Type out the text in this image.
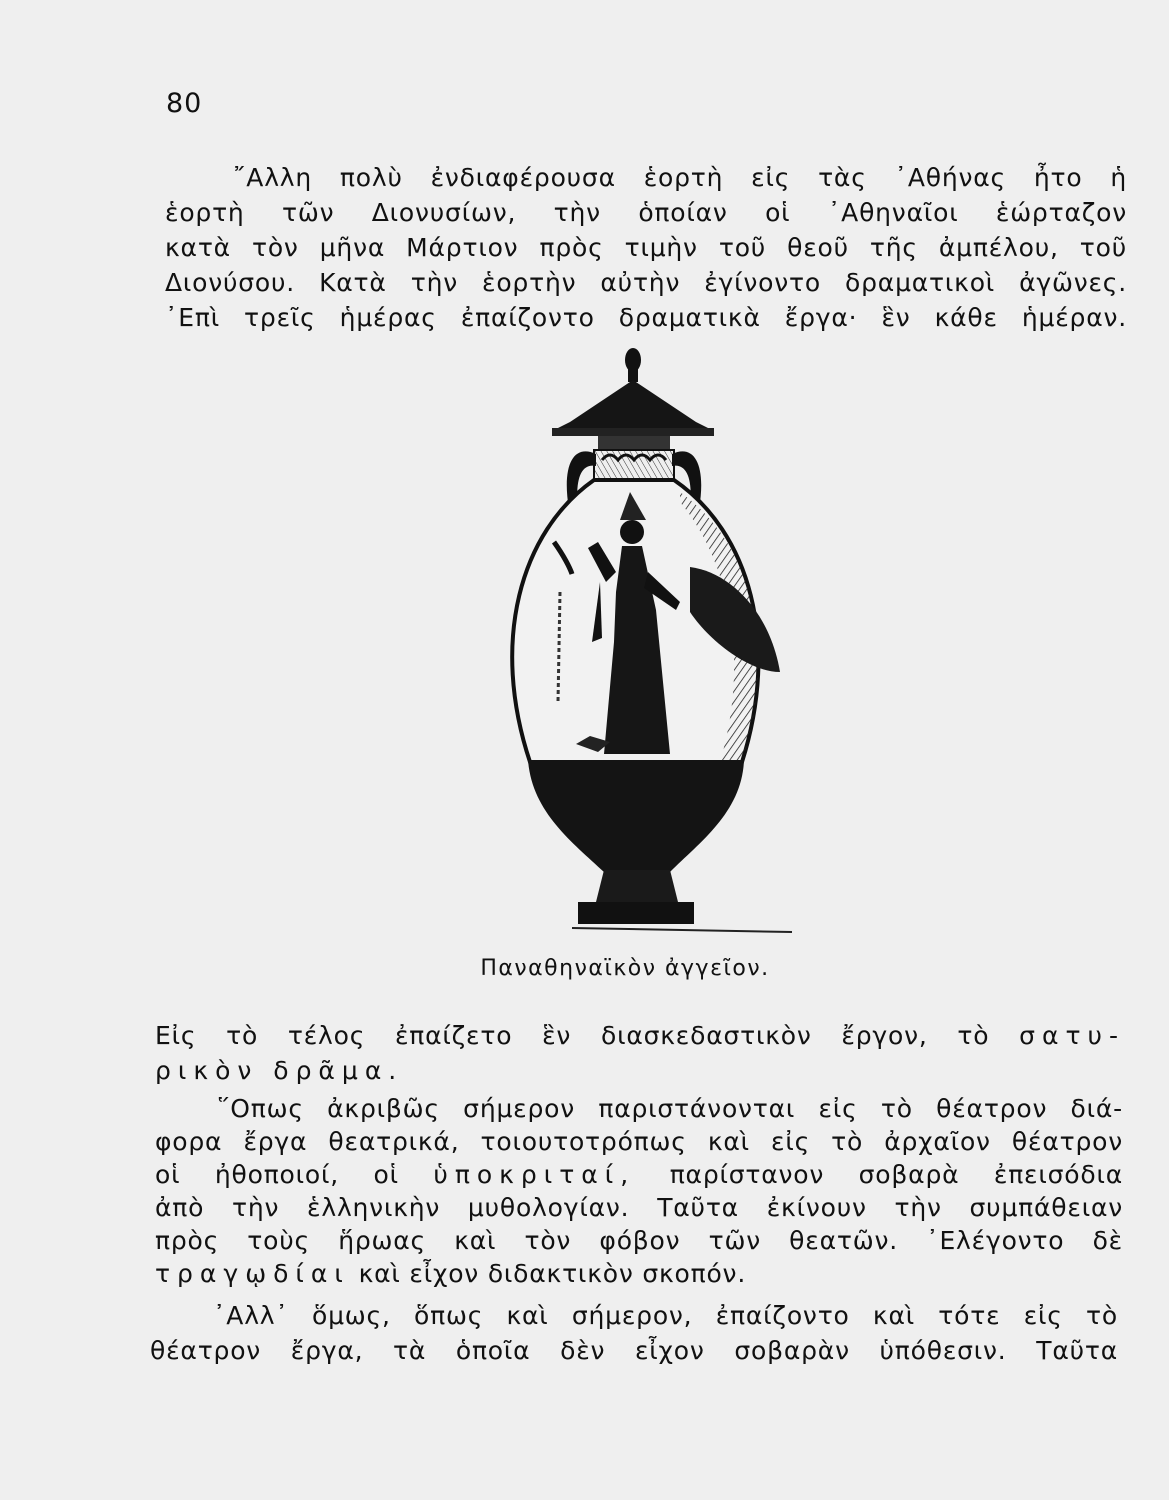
80
῎Αλλη πολὺ ἐνδιαφέρουσα ἑορτὴ εἰς τὰς ᾿Αθήνας ἦτο ἡ
ἑορτὴ τῶν Διονυσίων, τὴν ὁποίαν οἱ ᾿Αθηναῖοι ἑώρταζον
κατὰ τὸν μῆνα Μάρτιον πρὸς τιμὴν τοῦ θεοῦ τῆς ἀμπέλου, τοῦ
Διονύσου. Κατὰ τὴν ἑορτὴν αὐτὴν ἐγίνοντο δραματικοὶ ἀγῶνες.
᾿Επὶ τρεῖς ἡμέρας ἐπαίζοντο δραματικὰ ἔργα· ἓν κάθε ἡμέραν.
Παναθηναϊκὸν ἀγγεῖον.
Εἰς τὸ τέλος ἐπαίζετο ἓν διασκεδαστικὸν ἔργον, τὸ σατυ-
ρικὸν δρᾶμα.
῞Οπως ἀκριβῶς σήμερον παριστάνονται εἰς τὸ θέατρον διά-
φορα ἔργα θεατρικά, τοιουτοτρόπως καὶ εἰς τὸ ἀρχαῖον θέατρον
οἱ ἠθοποιοί, οἱ ὑποκριταί, παρίστανον σοβαρὰ ἐπεισόδια
ἀπὸ τὴν ἑλληνικὴν μυθολογίαν. Ταῦτα ἐκίνουν τὴν συμπάθειαν
πρὸς τοὺς ἥρωας καὶ τὸν φόβον τῶν θεατῶν. ᾿Ελέγοντο δὲ
τραγῳδίαι καὶ εἶχον διδακτικὸν σκοπόν.
᾿Αλλ᾿ ὅμως, ὅπως καὶ σήμερον, ἐπαίζοντο καὶ τότε εἰς τὸ
θέατρον ἔργα, τὰ ὁποῖα δὲν εἶχον σοβαρὰν ὑπόθεσιν. Ταῦτα
